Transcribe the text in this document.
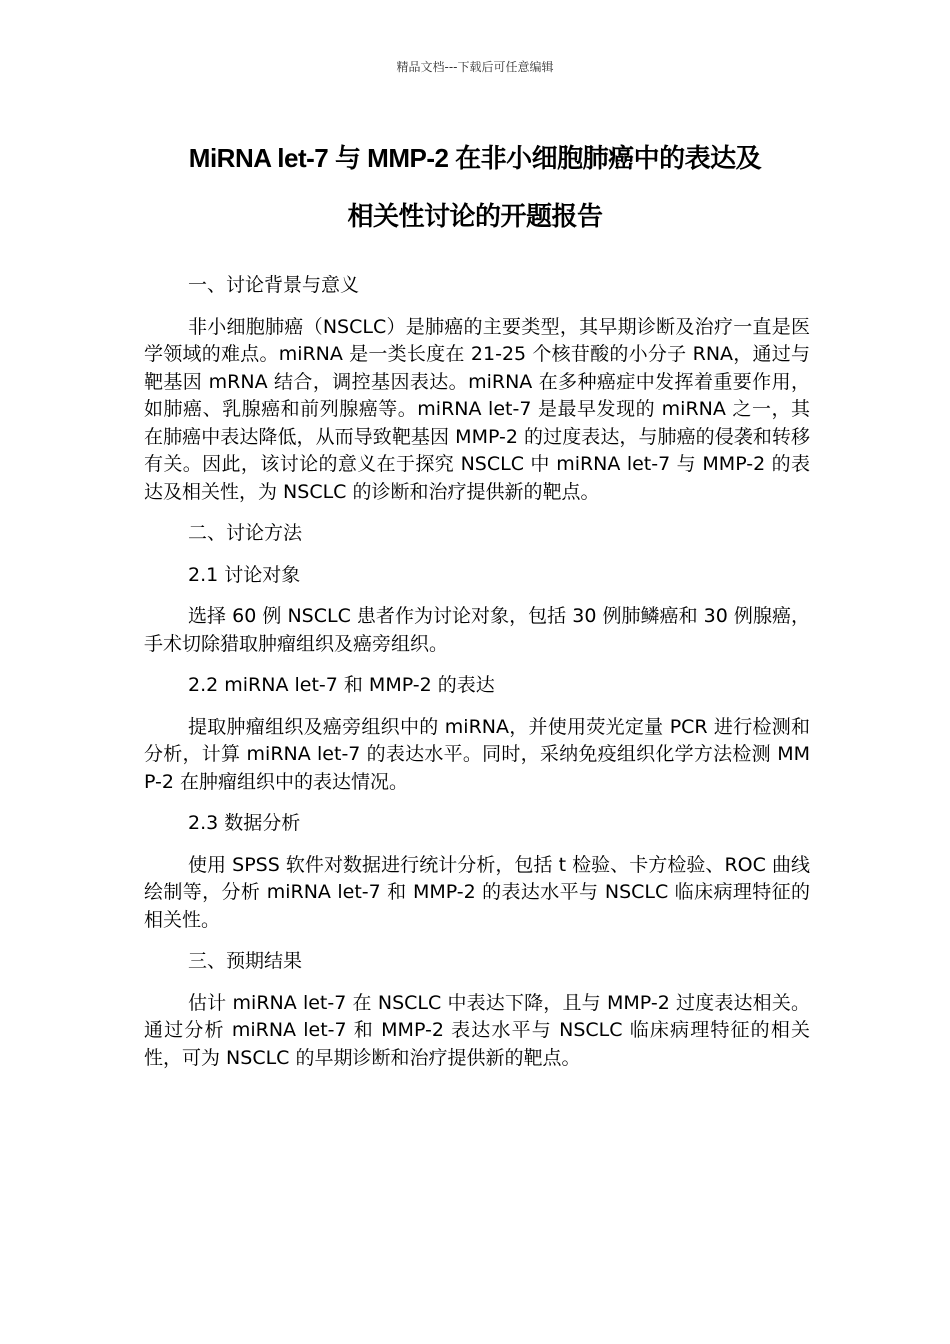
精品文档---下载后可任意编辑
MiRNA let-7 与 MMP-2 在非小细胞肺癌中的表达及
相关性讨论的开题报告

一、讨论背景与意义

非小细胞肺癌（NSCLC）是肺癌的主要类型，其早期诊断及治疗一直是医学领域的难点。miRNA 是一类长度在 21-25 个核苷酸的小分子 RNA，通过与靶基因 mRNA 结合，调控基因表达。miRNA 在多种癌症中发挥着重要作用，如肺癌、乳腺癌和前列腺癌等。miRNA let-7 是最早发现的 miRNA 之一，其在肺癌中表达降低，从而导致靶基因 MMP-2 的过度表达，与肺癌的侵袭和转移有关。因此，该讨论的意义在于探究 NSCLC 中 miRNA let-7 与 MMP-2 的表达及相关性，为 NSCLC 的诊断和治疗提供新的靶点。

二、讨论方法

2.1 讨论对象

选择 60 例 NSCLC 患者作为讨论对象，包括 30 例肺鳞癌和 30 例腺癌，手术切除猎取肿瘤组织及癌旁组织。

2.2 miRNA let-7 和 MMP-2 的表达

提取肿瘤组织及癌旁组织中的 miRNA，并使用荧光定量 PCR 进行检测和分析，计算 miRNA let-7 的表达水平。同时，采纳免疫组织化学方法检测 MMP-2 在肿瘤组织中的表达情况。

2.3 数据分析

使用 SPSS 软件对数据进行统计分析，包括 t 检验、卡方检验、ROC 曲线绘制等，分析 miRNA let-7 和 MMP-2 的表达水平与 NSCLC 临床病理特征的相关性。

三、预期结果

估计 miRNA let-7 在 NSCLC 中表达下降，且与 MMP-2 过度表达相关。通过分析 miRNA let-7 和 MMP-2 表达水平与 NSCLC 临床病理特征的相关性，可为 NSCLC 的早期诊断和治疗提供新的靶点。
